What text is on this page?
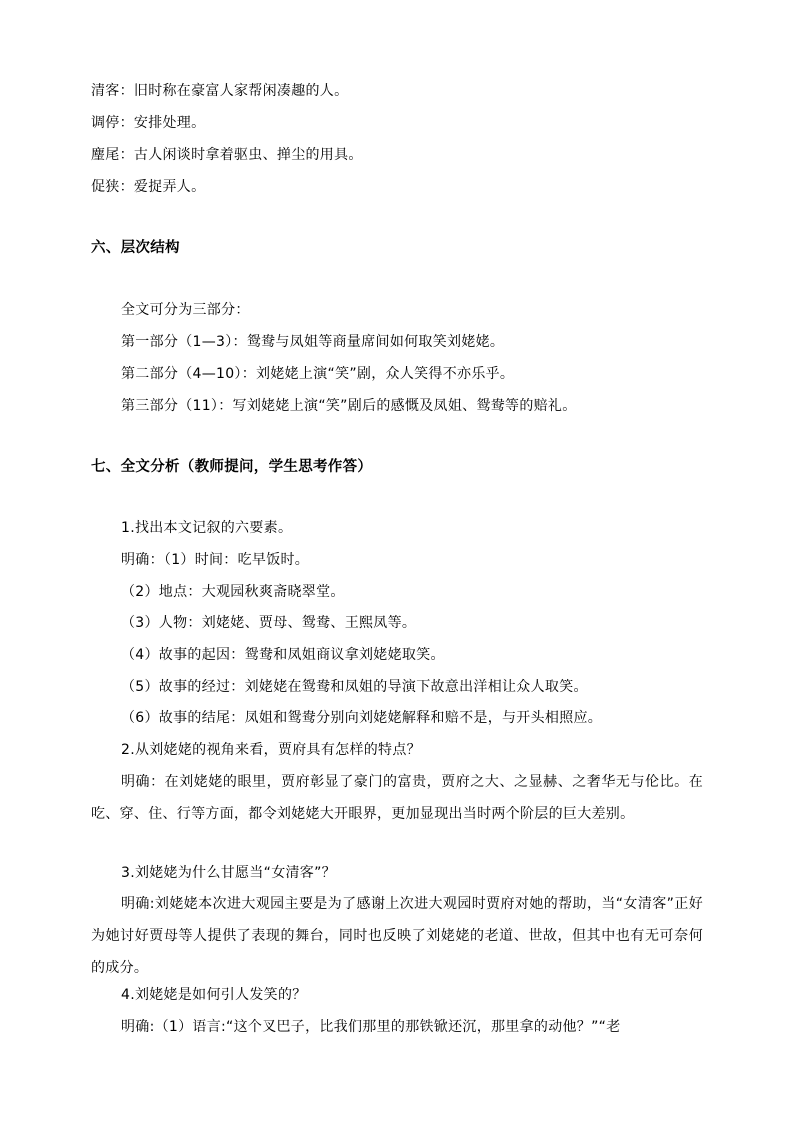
清客：旧时称在豪富人家帮闲凑趣的人。
调停：安排处理。
麈尾：古人闲谈时拿着驱虫、掸尘的用具。
促狭：爱捉弄人。
六、层次结构
全文可分为三部分：
第一部分（1—3）：鸳鸯与凤姐等商量席间如何取笑刘姥姥。
第二部分（4—10）：刘姥姥上演“笑”剧，众人笑得不亦乐乎。
第三部分（11）：写刘姥姥上演“笑”剧后的感慨及凤姐、鸳鸯等的赔礼。
七、全文分析（教师提问，学生思考作答）
1.找出本文记叙的六要素。
明确：（1）时间：吃早饭时。
（2）地点：大观园秋爽斋晓翠堂。
（3）人物：刘姥姥、贾母、鸳鸯、王熙凤等。
（4）故事的起因：鸳鸯和凤姐商议拿刘姥姥取笑。
（5）故事的经过：刘姥姥在鸳鸯和凤姐的导演下故意出洋相让众人取笑。
（6）故事的结尾：凤姐和鸳鸯分别向刘姥姥解释和赔不是，与开头相照应。
2.从刘姥姥的视角来看，贾府具有怎样的特点？
明确：在刘姥姥的眼里，贾府彰显了豪门的富贵，贾府之大、之显赫、之奢华无与伦比。在吃、穿、住、行等方面，都令刘姥姥大开眼界，更加显现出当时两个阶层的巨大差别。
3.刘姥姥为什么甘愿当“女清客”？
明确:刘姥姥本次进大观园主要是为了感谢上次进大观园时贾府对她的帮助，当“女清客”正好为她讨好贾母等人提供了表现的舞台，同时也反映了刘姥姥的老道、世故，但其中也有无可奈何的成分。
4.刘姥姥是如何引人发笑的？
明确:（1）语言:“这个叉巴子，比我们那里的那铁锨还沉，那里拿的动他？”“老
